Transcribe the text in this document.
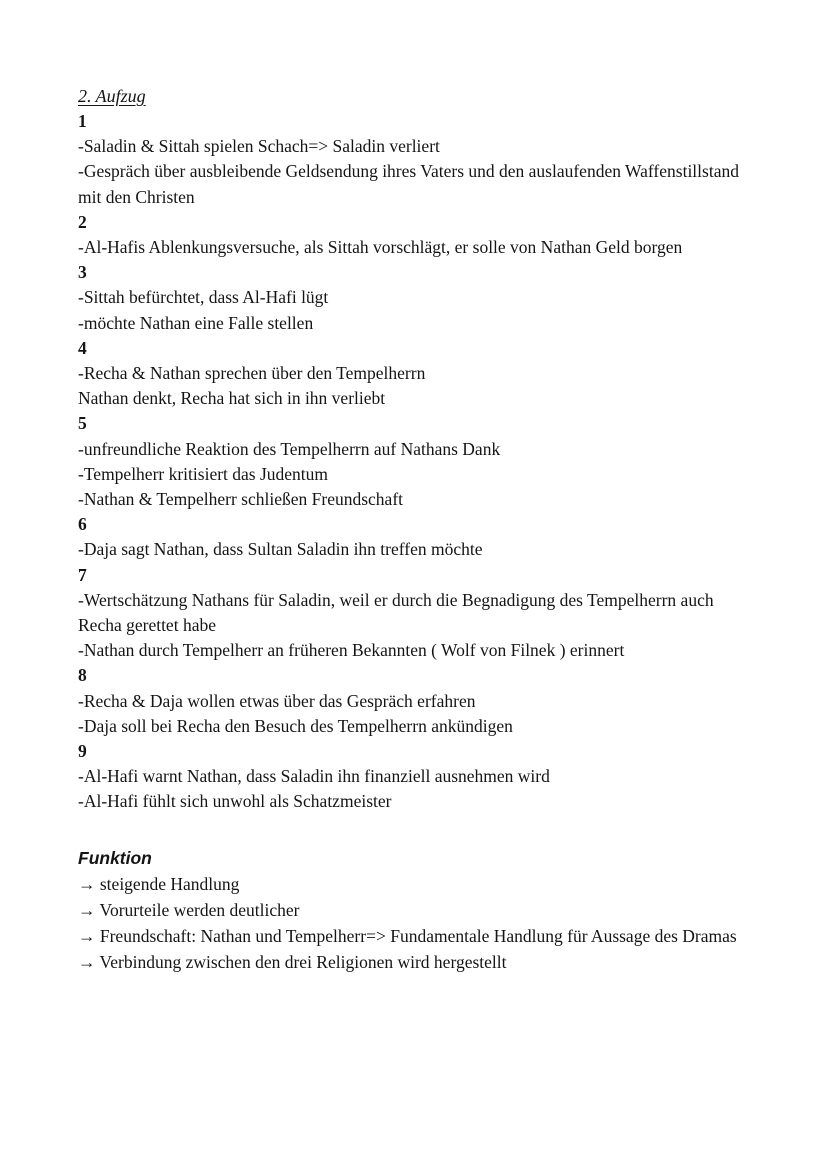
2. Aufzug
1
-Saladin & Sittah spielen Schach=> Saladin verliert
-Gespräch über ausbleibende Geldsendung ihres Vaters und den auslaufenden Waffenstillstand mit den Christen
2
-Al-Hafis Ablenkungsversuche, als Sittah vorschlägt, er solle von Nathan Geld borgen
3
-Sittah befürchtet, dass Al-Hafi lügt
-möchte Nathan eine Falle stellen
4
-Recha & Nathan sprechen über den Tempelherrn
Nathan denkt, Recha hat sich in ihn verliebt
5
-unfreundliche Reaktion des Tempelherrn auf Nathans Dank
-Tempelherr kritisiert das Judentum
-Nathan & Tempelherr schließen Freundschaft
6
-Daja sagt Nathan, dass Sultan Saladin ihn treffen möchte
7
-Wertschätzung Nathans für Saladin, weil er durch die Begnadigung des Tempelherrn auch Recha gerettet habe
-Nathan durch Tempelherr an früheren Bekannten ( Wolf von Filnek ) erinnert
8
-Recha & Daja wollen etwas über das Gespräch erfahren
-Daja soll bei Recha den Besuch des Tempelherrn ankündigen
9
-Al-Hafi warnt Nathan, dass Saladin ihn finanziell ausnehmen wird
-Al-Hafi fühlt sich unwohl als Schatzmeister
Funktion
→ steigende Handlung
→ Vorurteile werden deutlicher
→ Freundschaft: Nathan und Tempelherr=> Fundamentale Handlung für Aussage des Dramas
→ Verbindung zwischen den drei Religionen wird hergestellt
